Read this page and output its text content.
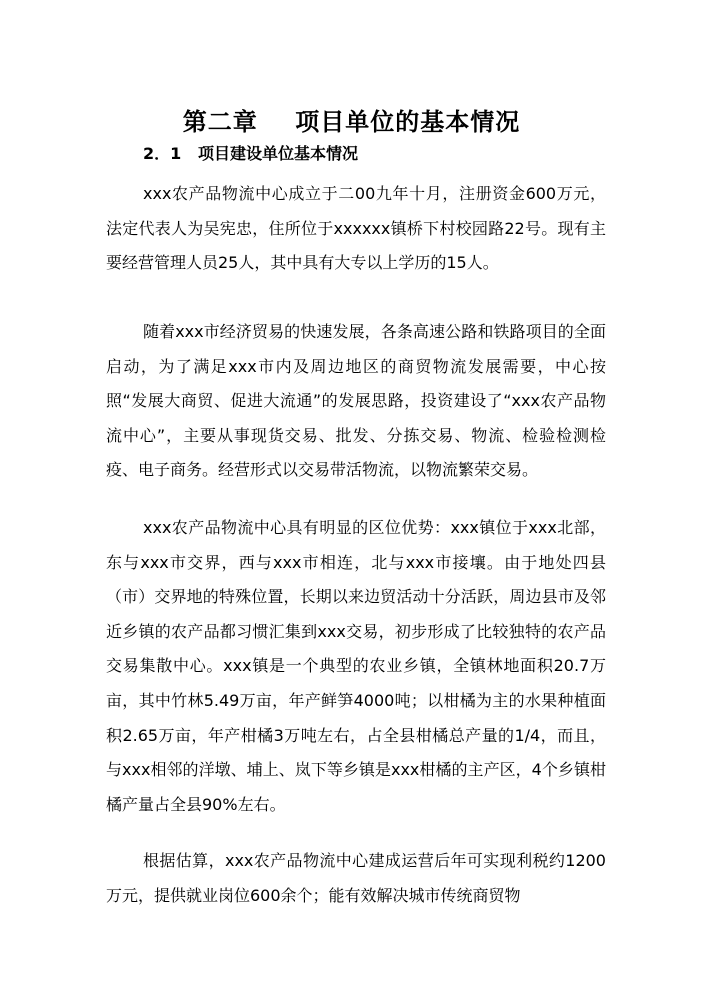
第二章    项目单位的基本情况
2．1   项目建设单位基本情况

xxx农产品物流中心成立于二00九年十月，注册资金600万元，法定代表人为吴宪忠，住所位于xxxxxx镇桥下村校园路22号。现有主要经营管理人员25人，其中具有大专以上学历的15人。

随着xxx市经济贸易的快速发展，各条高速公路和铁路项目的全面启动，为了满足xxx市内及周边地区的商贸物流发展需要，中心按照“发展大商贸、促进大流通”的发展思路，投资建设了“xxx农产品物流中心”，主要从事现货交易、批发、分拣交易、物流、检验检测检疫、电子商务。经营形式以交易带活物流，以物流繁荣交易。

xxx农产品物流中心具有明显的区位优势：xxx镇位于xxx北部，东与xxx市交界，西与xxx市相连，北与xxx市接壤。由于地处四县（市）交界地的特殊位置，长期以来边贸活动十分活跃，周边县市及邻近乡镇的农产品都习惯汇集到xxx交易，初步形成了比较独特的农产品交易集散中心。xxx镇是一个典型的农业乡镇，全镇林地面积20.7万亩，其中竹林5.49万亩，年产鲜笋4000吨；以柑橘为主的水果种植面积2.65万亩，年产柑橘3万吨左右，占全县柑橘总产量的1/4，而且，与xxx相邻的洋墩、埔上、岚下等乡镇是xxx柑橘的主产区，4个乡镇柑橘产量占全县90%左右。

根据估算，xxx农产品物流中心建成运营后年可实现利税约1200万元，提供就业岗位600余个；能有效解决城市传统商贸物
